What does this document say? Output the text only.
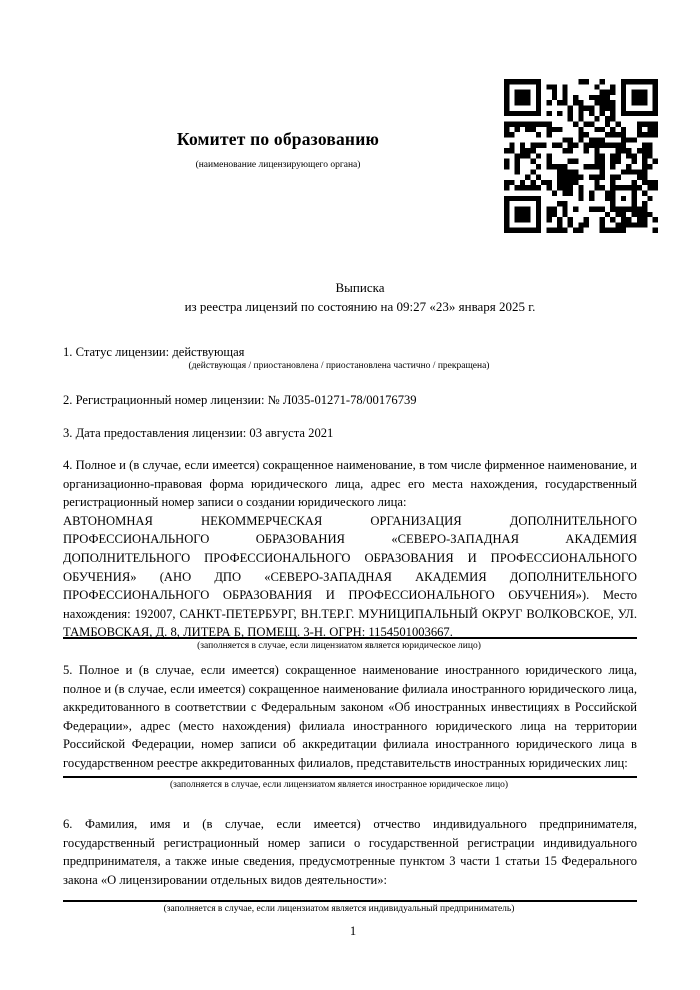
Комитет по образованию
(наименование лицензирующего органа)

Выписка

из реестра лицензий по состоянию на 09:27 «23» января 2025 г.

1. Статус лицензии: действующая
(действующая / приостановлена / приостановлена частично / прекращена)
2. Регистрационный номер лицензии: № Л035-01271-78/00176739
3. Дата предоставления лицензии: 03 августа 2021

4. Полное и (в случае, если имеется) сокращенное наименование, в том числе фирменное наименование, и организационно-правовая форма юридического лица, адрес его места нахождения, государственный регистрационный номер записи о создании юридического лица:

АВТОНОМНАЯ НЕКОММЕРЧЕСКАЯ ОРГАНИЗАЦИЯ ДОПОЛНИТЕЛЬНОГО ПРОФЕССИОНАЛЬНОГО ОБРАЗОВАНИЯ «СЕВЕРО-ЗАПАДНАЯ АКАДЕМИЯ ДОПОЛНИТЕЛЬНОГО ПРОФЕССИОНАЛЬНОГО ОБРАЗОВАНИЯ И ПРОФЕССИОНАЛЬНОГО ОБУЧЕНИЯ» (АНО ДПО «СЕВЕРО-ЗАПАДНАЯ АКАДЕМИЯ ДОПОЛНИТЕЛЬНОГО ПРОФЕССИОНАЛЬНОГО ОБРАЗОВАНИЯ И ПРОФЕССИОНАЛЬНОГО ОБУЧЕНИЯ»). Место нахождения: 192007, САНКТ-ПЕТЕРБУРГ, ВН.ТЕР.Г. МУНИЦИПАЛЬНЫЙ ОКРУГ ВОЛКОВСКОЕ, УЛ. ТАМБОВСКАЯ, Д. 8, ЛИТЕРА Б, ПОМЕЩ. 3-Н. ОГРН: 1154501003667.

(заполняется в случае, если лицензиатом является юридическое лицо)
5. Полное и (в случае, если имеется) сокращенное наименование иностранного юридического лица, полное и (в случае, если имеется) сокращенное наименование филиала иностранного юридического лица, аккредитованного в соответствии с Федеральным законом «Об иностранных инвестициях в Российской Федерации», адрес (место нахождения) филиала иностранного юридического лица на территории Российской Федерации, номер записи об аккредитации филиала иностранного юридического лица в государственном реестре аккредитованных филиалов, представительств иностранных юридических лиц:
(заполняется в случае, если лицензиатом является иностранное юридическое лицо)
6. Фамилия, имя и (в случае, если имеется) отчество индивидуального предпринимателя, государственный регистрационный номер записи о государственной регистрации индивидуального предпринимателя, а также иные сведения, предусмотренные пунктом 3 части 1 статьи 15 Федерального закона «О лицензировании отдельных видов деятельности»:
(заполняется в случае, если лицензиатом является индивидуальный предприниматель)
1
